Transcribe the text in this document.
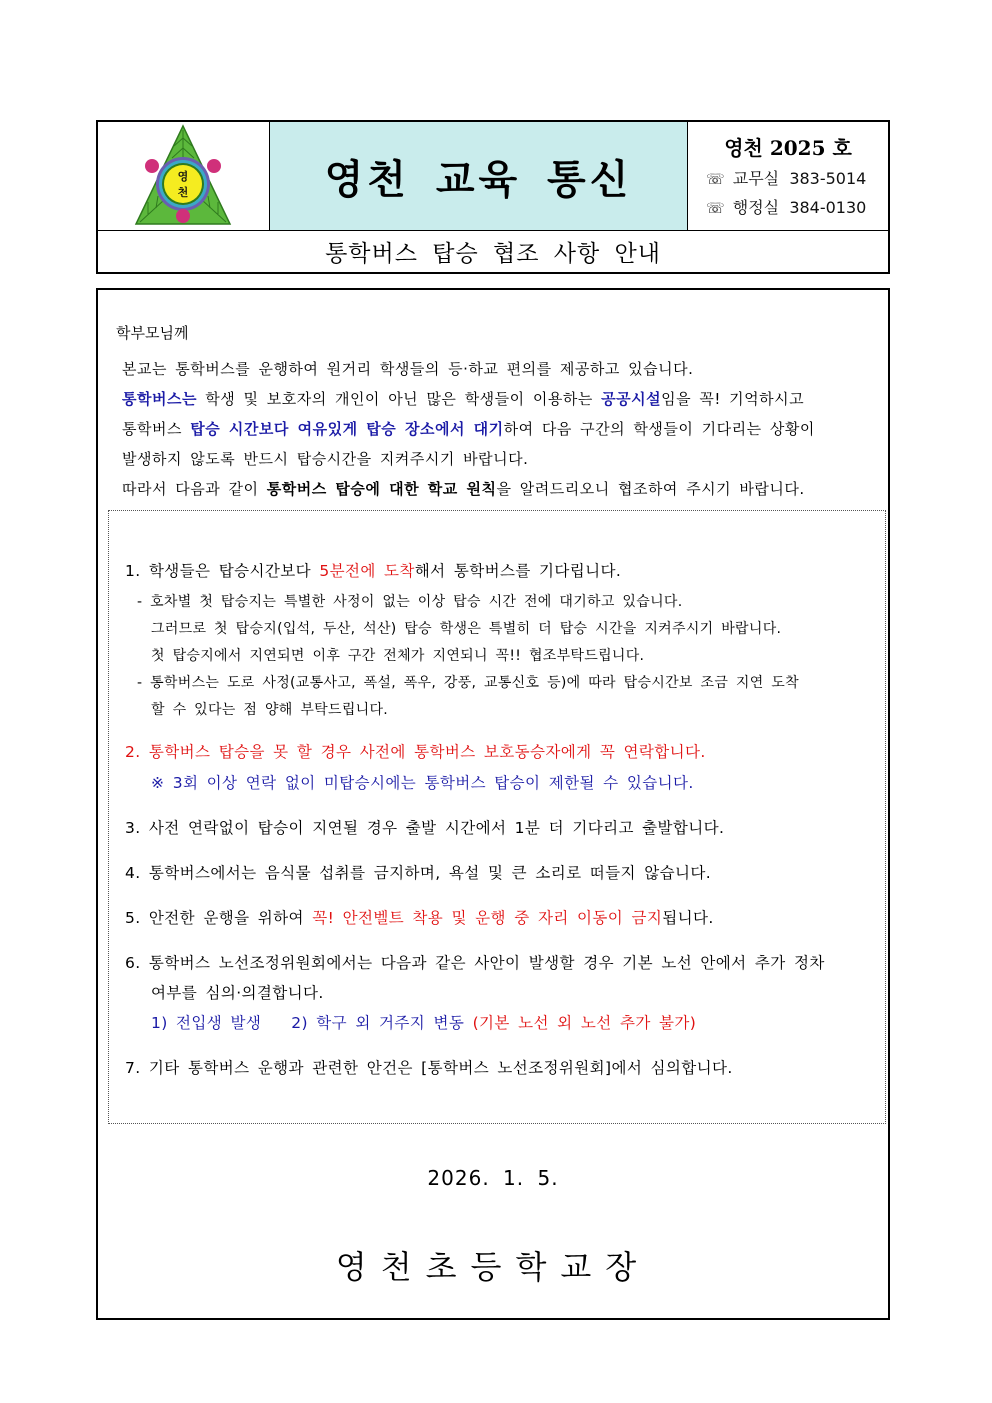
영
천	영천 교육 통신
영천 2025 호
☏ 교무실 383-5014
☏ 행정실 384-0130
통학버스 탑승 협조 사항 안내
학부모님께
본교는 통학버스를 운행하여 원거리 학생들의 등·하교 편의를 제공하고 있습니다.
통학버스는 학생 및 보호자의 개인이 아닌 많은 학생들이 이용하는 공공시설임을 꼭! 기억하시고
통학버스 탑승 시간보다 여유있게 탑승 장소에서 대기하여 다음 구간의 학생들이 기다리는 상황이
발생하지 않도록 반드시 탑승시간을 지켜주시기 바랍니다.
따라서 다음과 같이 통학버스 탑승에 대한 학교 원칙을 알려드리오니 협조하여 주시기 바랍니다.
1. 학생들은 탑승시간보다 5분전에 도착해서 통학버스를 기다립니다.
- 호차별 첫 탑승지는 특별한 사정이 없는 이상 탑승 시간 전에 대기하고 있습니다.
그러므로 첫 탑승지(입석, 두산, 석산) 탑승 학생은 특별히 더 탑승 시간을 지켜주시기 바랍니다.
첫 탑승지에서 지연되면 이후 구간 전체가 지연되니 꼭!! 협조부탁드립니다.
- 통학버스는 도로 사정(교통사고, 폭설, 폭우, 강풍, 교통신호 등)에 따라 탑승시간보 조금 지연 도착
할 수 있다는 점 양해 부탁드립니다.
2. 통학버스 탑승을 못 할 경우 사전에 통학버스 보호동승자에게 꼭 연락합니다.
※ 3회 이상 연락 없이 미탑승시에는 통학버스 탑승이 제한될 수 있습니다.
3. 사전 연락없이 탑승이 지연될 경우 출발 시간에서 1분 더 기다리고 출발합니다.
4. 통학버스에서는 음식물 섭취를 금지하며, 욕설 및 큰 소리로 떠들지 않습니다.
5. 안전한 운행을 위하여 꼭! 안전벨트 착용 및 운행 중 자리 이동이 금지됩니다.
6. 통학버스 노선조정위원회에서는 다음과 같은 사안이 발생할 경우 기본 노선 안에서 추가 정차
여부를 심의·의결합니다.
1) 전입생 발생 2) 학구 외 거주지 변동 (기본 노선 외 노선 추가 불가)
7. 기타 통학버스 운행과 관련한 안건은 [통학버스 노선조정위원회]에서 심의합니다.
2026. 1. 5.
영천초등학교장
